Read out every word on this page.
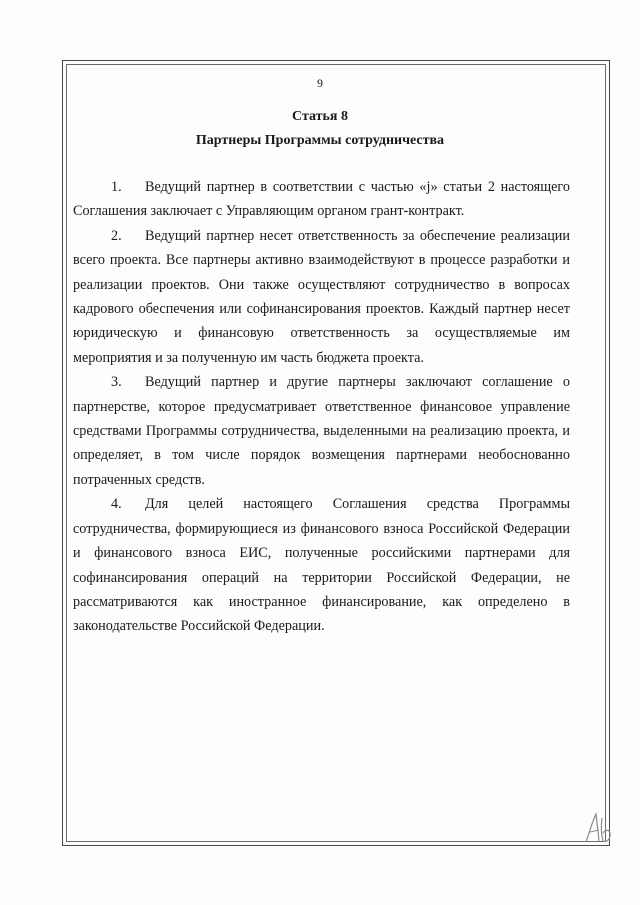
9
Статья 8
Партнеры Программы сотрудничества

1. Ведущий партнер в соответствии с частью «j» статьи 2 настоящего Соглашения заключает с Управляющим органом грант-контракт.

2. Ведущий партнер несет ответственность за обеспечение реализации всего проекта. Все партнеры активно взаимодействуют в процессе разработки и реализации проектов. Они также осуществляют сотрудничество в вопросах кадрового обеспечения или софинансирования проектов. Каждый партнер несет юридическую и финансовую ответственность за осуществляемые им мероприятия и за полученную им часть бюджета проекта.

3. Ведущий партнер и другие партнеры заключают соглашение о партнерстве, которое предусматривает ответственное финансовое управление средствами Программы сотрудничества, выделенными на реализацию проекта, и определяет, в том числе порядок возмещения партнерами необоснованно потраченных средств.

4. Для целей настоящего Соглашения средства Программы сотрудничества, формирующиеся из финансового взноса Российской Федерации и финансового взноса ЕИС, полученные российскими партнерами для софинансирования операций на территории Российской Федерации, не рассматриваются как иностранное финансирование, как определено в законодательстве Российской Федерации.
